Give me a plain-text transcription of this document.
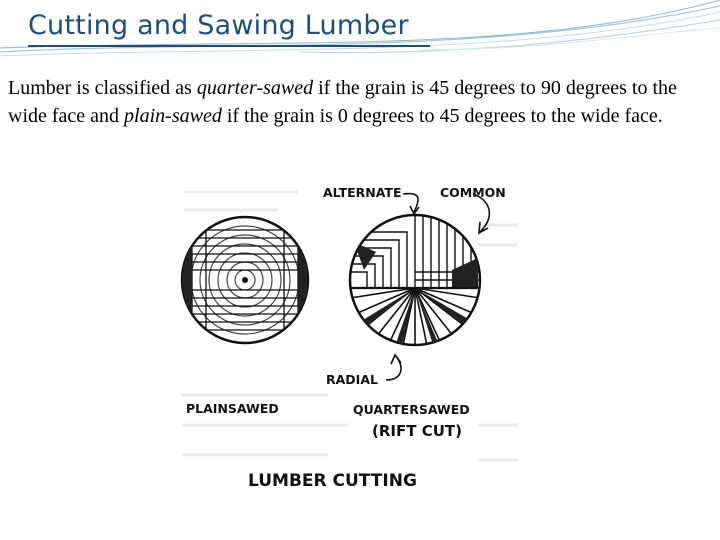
Cutting and Sawing Lumber

Lumber is classified as quarter-sawed if the grain is 45 degrees to 90 degrees to the wide face and plain-sawed if the grain is 0 degrees to 45 degrees to the wide face.

ALTERNATE	COMMON
RADIAL
PLAINSAWED	QUARTERSAWED
(RIFT CUT)
LUMBER CUTTING
